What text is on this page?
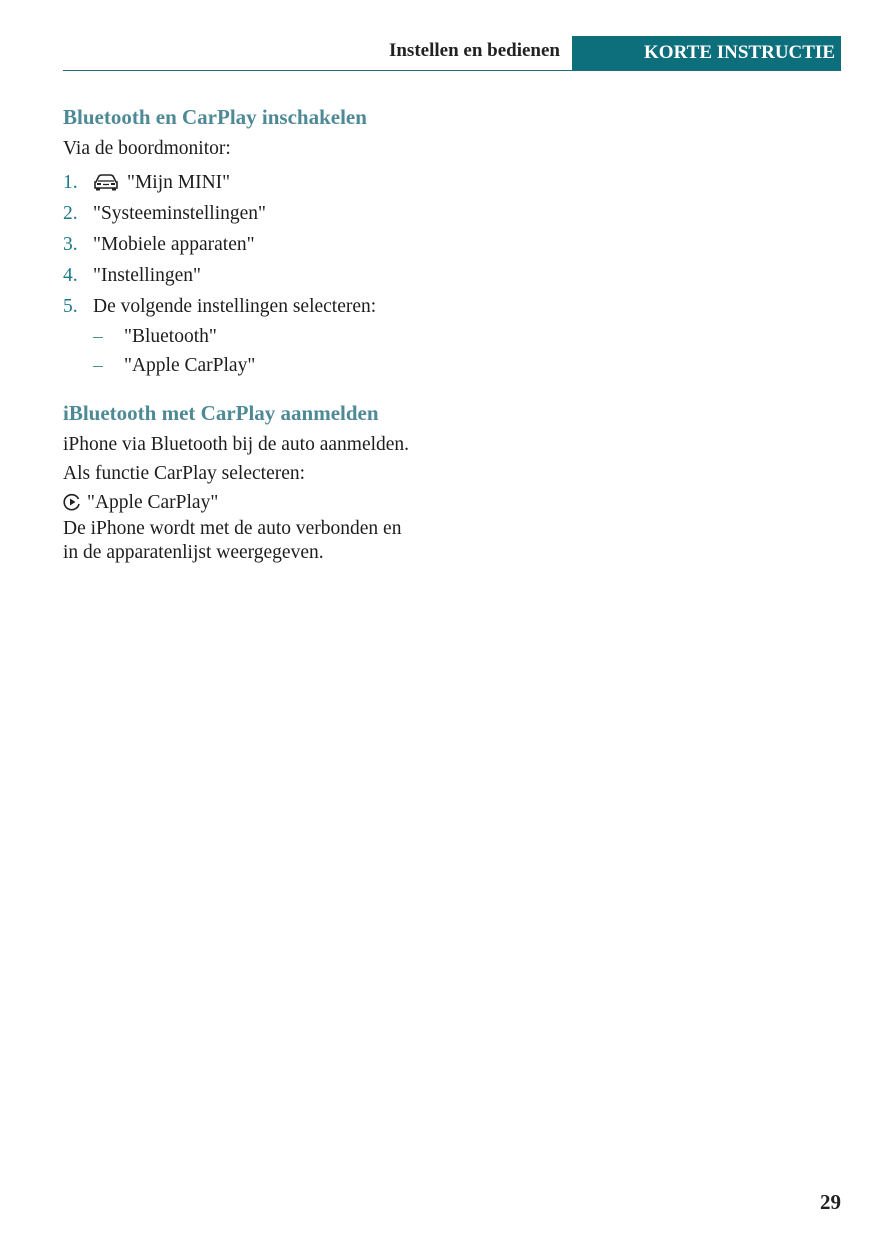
Instellen en bedienen	KORTE INSTRUCTIE
Bluetooth en CarPlay inschakelen

Via de boordmonitor:

1.	"Mijn MINI"
2. "Systeeminstellingen"
3. "Mobiele apparaten"
4. "Instellingen"
5. De volgende instellingen selecteren:
–	"Bluetooth"
–	"Apple CarPlay"
iBluetooth met CarPlay aanmelden

iPhone via Bluetooth bij de auto aanmelden.

Als functie CarPlay selecteren:

"Apple CarPlay"

De iPhone wordt met de auto verbonden en

in de apparatenlijst weergegeven.

29
